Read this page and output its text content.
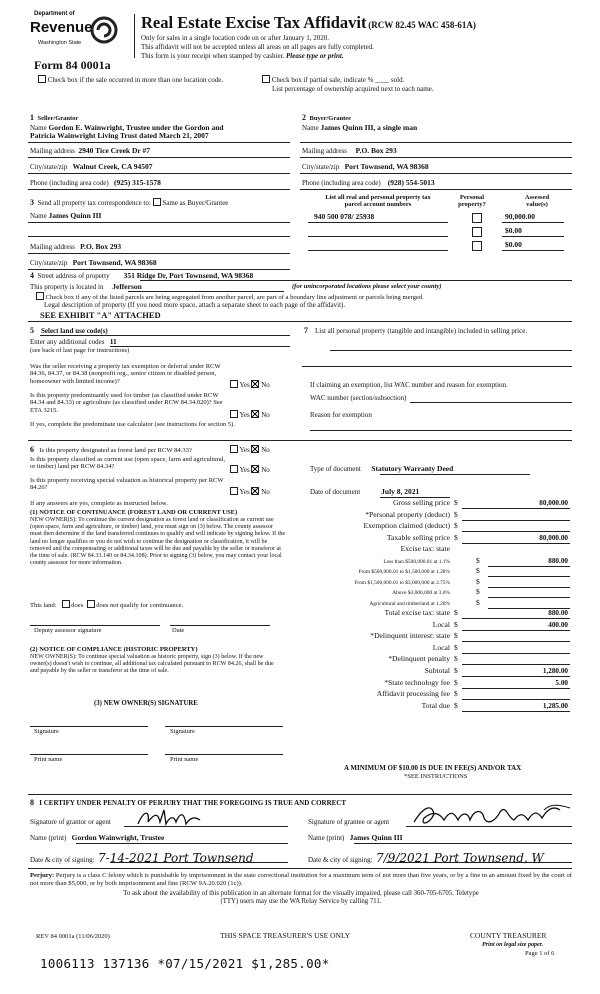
Department of
Revenue
Washington State
Real Estate Excise Tax Affidavit (RCW 82.45 WAC 458-61A)
Only for sales in a single location code on or after January 1, 2020.
This affidavit will not be accepted unless all areas on all pages are fully completed.
This form is your receipt when stamped by cashier. Please type or print.
Form 84 0001a
Check box if the sale occurred in more than one location code.	Check box if partial sale, indicate % ____ sold.
List percentage of ownership acquired next to each name.
1 Seller/Grantor
Name Gordon E. Wainwright, Trustee under the Gordon and
Patricia Wainwright Living Trust dated March 21, 2007
Mailing address 2940 Tice Creek Dr #7
City/state/zip Walnut Creek, CA 94507
Phone (including area code) (925) 315-1578
2 Buyer/Grantee
Name James Quinn III, a single man
Mailing address P.O. Box 293
City/state/zip Port Townsend, WA 98368
Phone (including area code) (928) 554-5013
3 Send all property tax correspondence to: Same as Buyer/Grantee
Name James Quinn III
Mailing address P.O. Box 293
City/state/zip Port Townsend, WA 98368
List all real and personal property tax
parcel account numbers
Personal
property?
Assessed
value(s)
940 500 078/ 25938	90,000.00
$0.00
$0.00
4 Street address of property 351 Ridge Dr, Port Townsend, WA 98368
This property is located in Jefferson	(for unincorporated locations please select your county)
Check box if any of the listed parcels are being segregated from another parcel, are part of a boundary line adjustment or parcels being merged.
Legal description of property (If you need more space, attach a separate sheet to each page of the affidavit).
SEE EXHIBIT "A" ATTACHED
5 Select land use code(s)
Enter any additional codes 11
(see back of last page for instructions)
Was the seller receiving a property tax exemption or deferral under RCW 84.36, 84.37, or 84.38 (nonprofit org., senior citizen or disabled person, homeowner with limited income)?	Yes No
Is this property predominantly used for timber (as classified under RCW 84.34 and 84.33) or agriculture (as classified under RCW 84.34.020)? See ETA 3215.
Yes No
If yes, complete the predominate use calculator (see instructions for section 5).
7 List all personal property (tangible and intangible) included in selling price.
If claiming an exemption, list WAC number and reason for exemption.
WAC number (section/subsection)
Reason for exemption
6 Is this property designated as forest land per RCW 84.33?	Yes No
Is this property classified as current use (open space, farm and agricultural, or timber) land per RCW 84.34?	Yes No
Is this property receiving special valuation as historical property per RCW 84.26?
Yes No
If any answers are yes, complete as instructed below.
(1) NOTICE OF CONTINUANCE (FOREST LAND OR CURRENT USE)
NEW OWNER(S): To continue the current designation as forest land or classification as current use (open space, farm and agriculture, or timber) land, you must sign on (3) below. The county assessor must then determine if the land transferred continues to qualify and will indicate by signing below. If the land no longer qualifies or you do not wish to continue the designation or classification, it will be removed and the compensating or additional taxes will be due and payable by the seller or transferor at the time of sale. (RCW 84.33.140 or 84.34.108). Prior to signing (3) below, you may contact your local county assessor for more information.
This land: does does not qualify for continuance.
Deputy assessor signature	Date
(2) NOTICE OF COMPLIANCE (HISTORIC PROPERTY)
NEW OWNER(S): To continue special valuation as historic property, sign (3) below. If the new owner(s) doesn't wish to continue, all additional tax calculated pursuant to RCW 84.26, shall be due and payable by the seller or transferor at the time of sale.
(3) NEW OWNER(S) SIGNATURE
Signature	Signature
Print name	Print name
Type of document Statutory Warranty Deed
Date of document	July 8, 2021
Gross selling price $	80,000.00
*Personal property (deduct) $
Exemption claimed (deduct) $
Taxable selling price $	80,000.00
Excise tax: state
Less than $500,000.01 at 1.1%	$	880.00
From $500,000.01 to $1,500,000 at 1.28%	$
From $1,500,000.01 to $3,000,000 at 2.75%	$
Above $3,000,000 at 3.0%	$
Agricultural and timberland at 1.28%	$
Total excise tax: state $	880.00
Local $	400.00
*Delinquent interest: state $
Local $
*Delinquent penalty $
Subtotal $	1,280.00
*State technology fee $	5.00
Affidavit processing fee $
Total due $	1,285.00
A MINIMUM OF $10.00 IS DUE IN FEE(S) AND/OR TAX
*SEE INSTRUCTIONS
8 I CERTIFY UNDER PENALTY OF PERJURY THAT THE FOREGOING IS TRUE AND CORRECT
Signature of grantor or agent	Signature of grantee or agent
Name (print) Gordon Wainwright, Trustee	Name (print) James Quinn III
Date & city of signing: 7-14-2021 Port Townsend	Date & city of signing: 7/9/2021 Port Townsend, W
Perjury: Perjury is a class C felony which is punishable by imprisonment in the state correctional institution for a maximum term of not more than five years, or by a fine in an amount fixed by the court of not more than $5,000, or by both imprisonment and fine (RCW 9A.20.020 (1c)).
To ask about the availability of this publication in an alternate format for the visually impaired, please call 360-705-6705. Teletype
(TTY) users may use the WA Relay Service by calling 711.
REV 84 0001a (11/06/2020)	THIS SPACE TREASURER'S USE ONLY	COUNTY TREASURER
Print on legal size paper.
Page 1 of 6
1006113 137136 *07/15/2021 $1,285.00*
